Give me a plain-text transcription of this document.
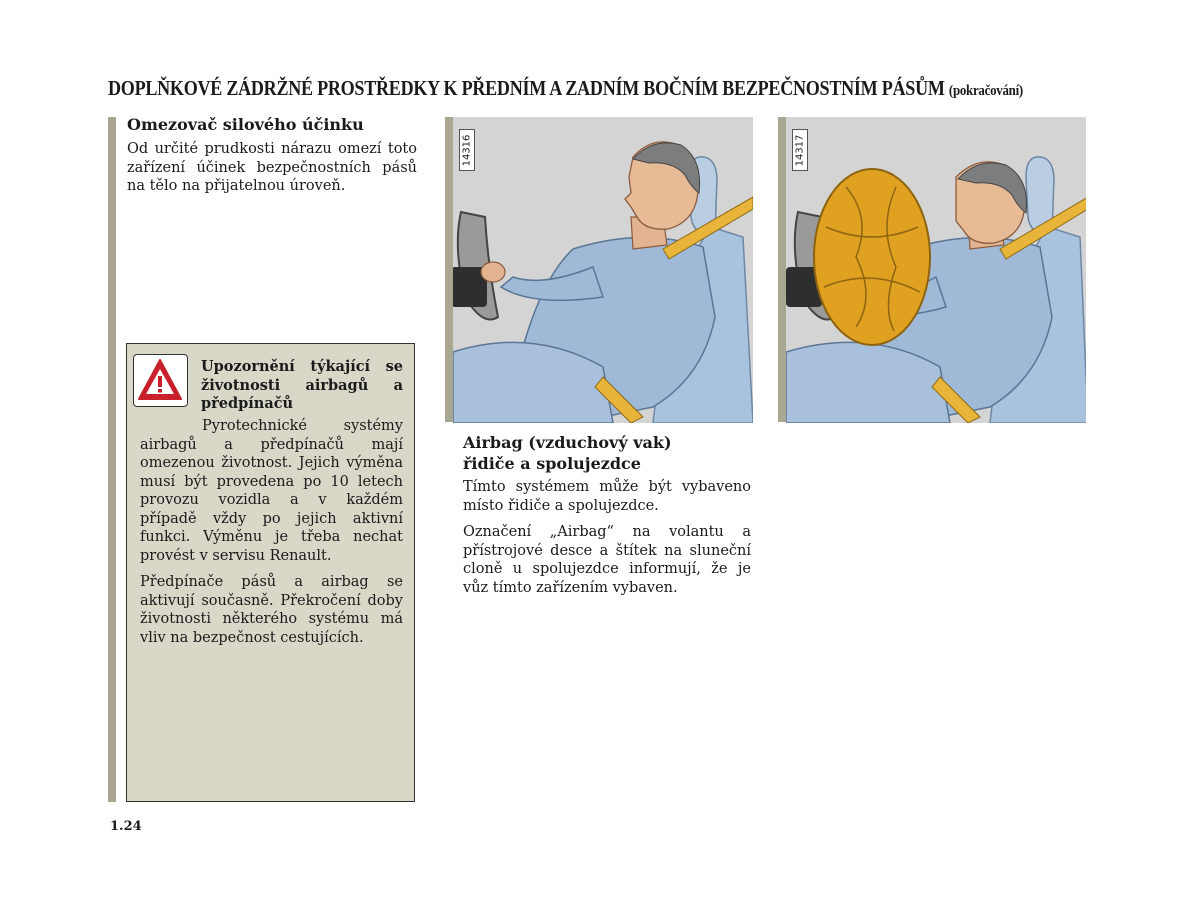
DOPLŇKOVÉ ZÁDRŽNÉ PROSTŘEDKY K PŘEDNÍM A ZADNÍM BOČNÍM BEZPEČNOSTNÍM PÁSŮM (pokračování)
Omezovač silového účinku

Od určité prudkosti nárazu omezí toto zařízení účinek bezpečnostních pásů na tělo na přijatelnou úroveň.

Upozornění týkající se životnosti airbagů a předpínačů

Pyrotechnické systémy airbagů a předpínačů mají omezenou životnost. Jejich výměna musí být provedena po 10 letech provozu vozidla a v každém případě vždy po jejich aktivní funkci. Výměnu je třeba nechat provést v servisu Renault.

Předpínače pásů a airbag se aktivují současně. Překročení doby životnosti některého systému má vliv na bezpečnost cestujících.

14316	14317
Airbag (vzduchový vak) řidiče a spolujezdce

Tímto systémem může být vybaveno místo řidiče a spolujezdce.

Označení „Airbag“ na volantu a přístrojové desce a štítek na sluneční cloně u spolujezdce informují, že je vůz tímto zařízením vybaven.

1.24
